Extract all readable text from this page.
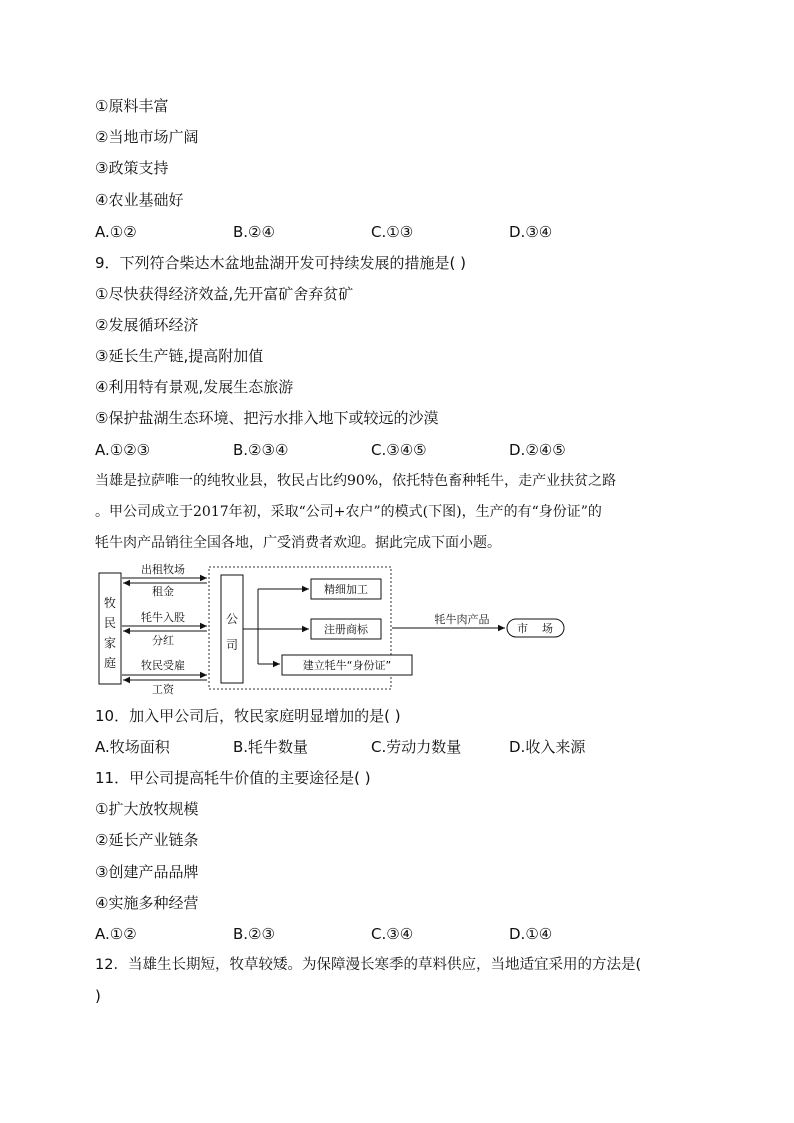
①原料丰富
②当地市场广阔
③政策支持
④农业基础好
A.①②	B.②④	C.①③	D.③④
9．下列符合柴达木盆地盐湖开发可持续发展的措施是( )
①尽快获得经济效益,先开富矿舍弃贫矿
②发展循环经济
③延长生产链,提高附加值
④利用特有景观,发展生态旅游
⑤保护盐湖生态环境、把污水排入地下或较远的沙漠
A.①②③	B.②③④	C.③④⑤	D.②④⑤
当雄是拉萨唯一的纯牧业县，牧民占比约90%，依托特色畜种牦牛，走产业扶贫之路
。甲公司成立于2017年初，采取“公司+农户”的模式(下图)，生产的有“身份证”的
牦牛肉产品销往全国各地，广受消费者欢迎。据此完成下面小题。
牧
民
家
庭
公
司
出租牧场
租金
牦牛入股
分红
牧民受雇
工资
精细加工
注册商标
建立牦牛“身份证”
牦牛肉产品
市    场
10．加入甲公司后，牧民家庭明显增加的是( )
A.牧场面积	B.牦牛数量	C.劳动力数量	D.收入来源
11．甲公司提高牦牛价值的主要途径是( )
①扩大放牧规模
②延长产业链条
③创建产品品牌
④实施多种经营
A.①②	B.②③	C.③④	D.①④
12．当雄生长期短，牧草较矮。为保障漫长寒季的草料供应，当地适宜采用的方法是(
)
